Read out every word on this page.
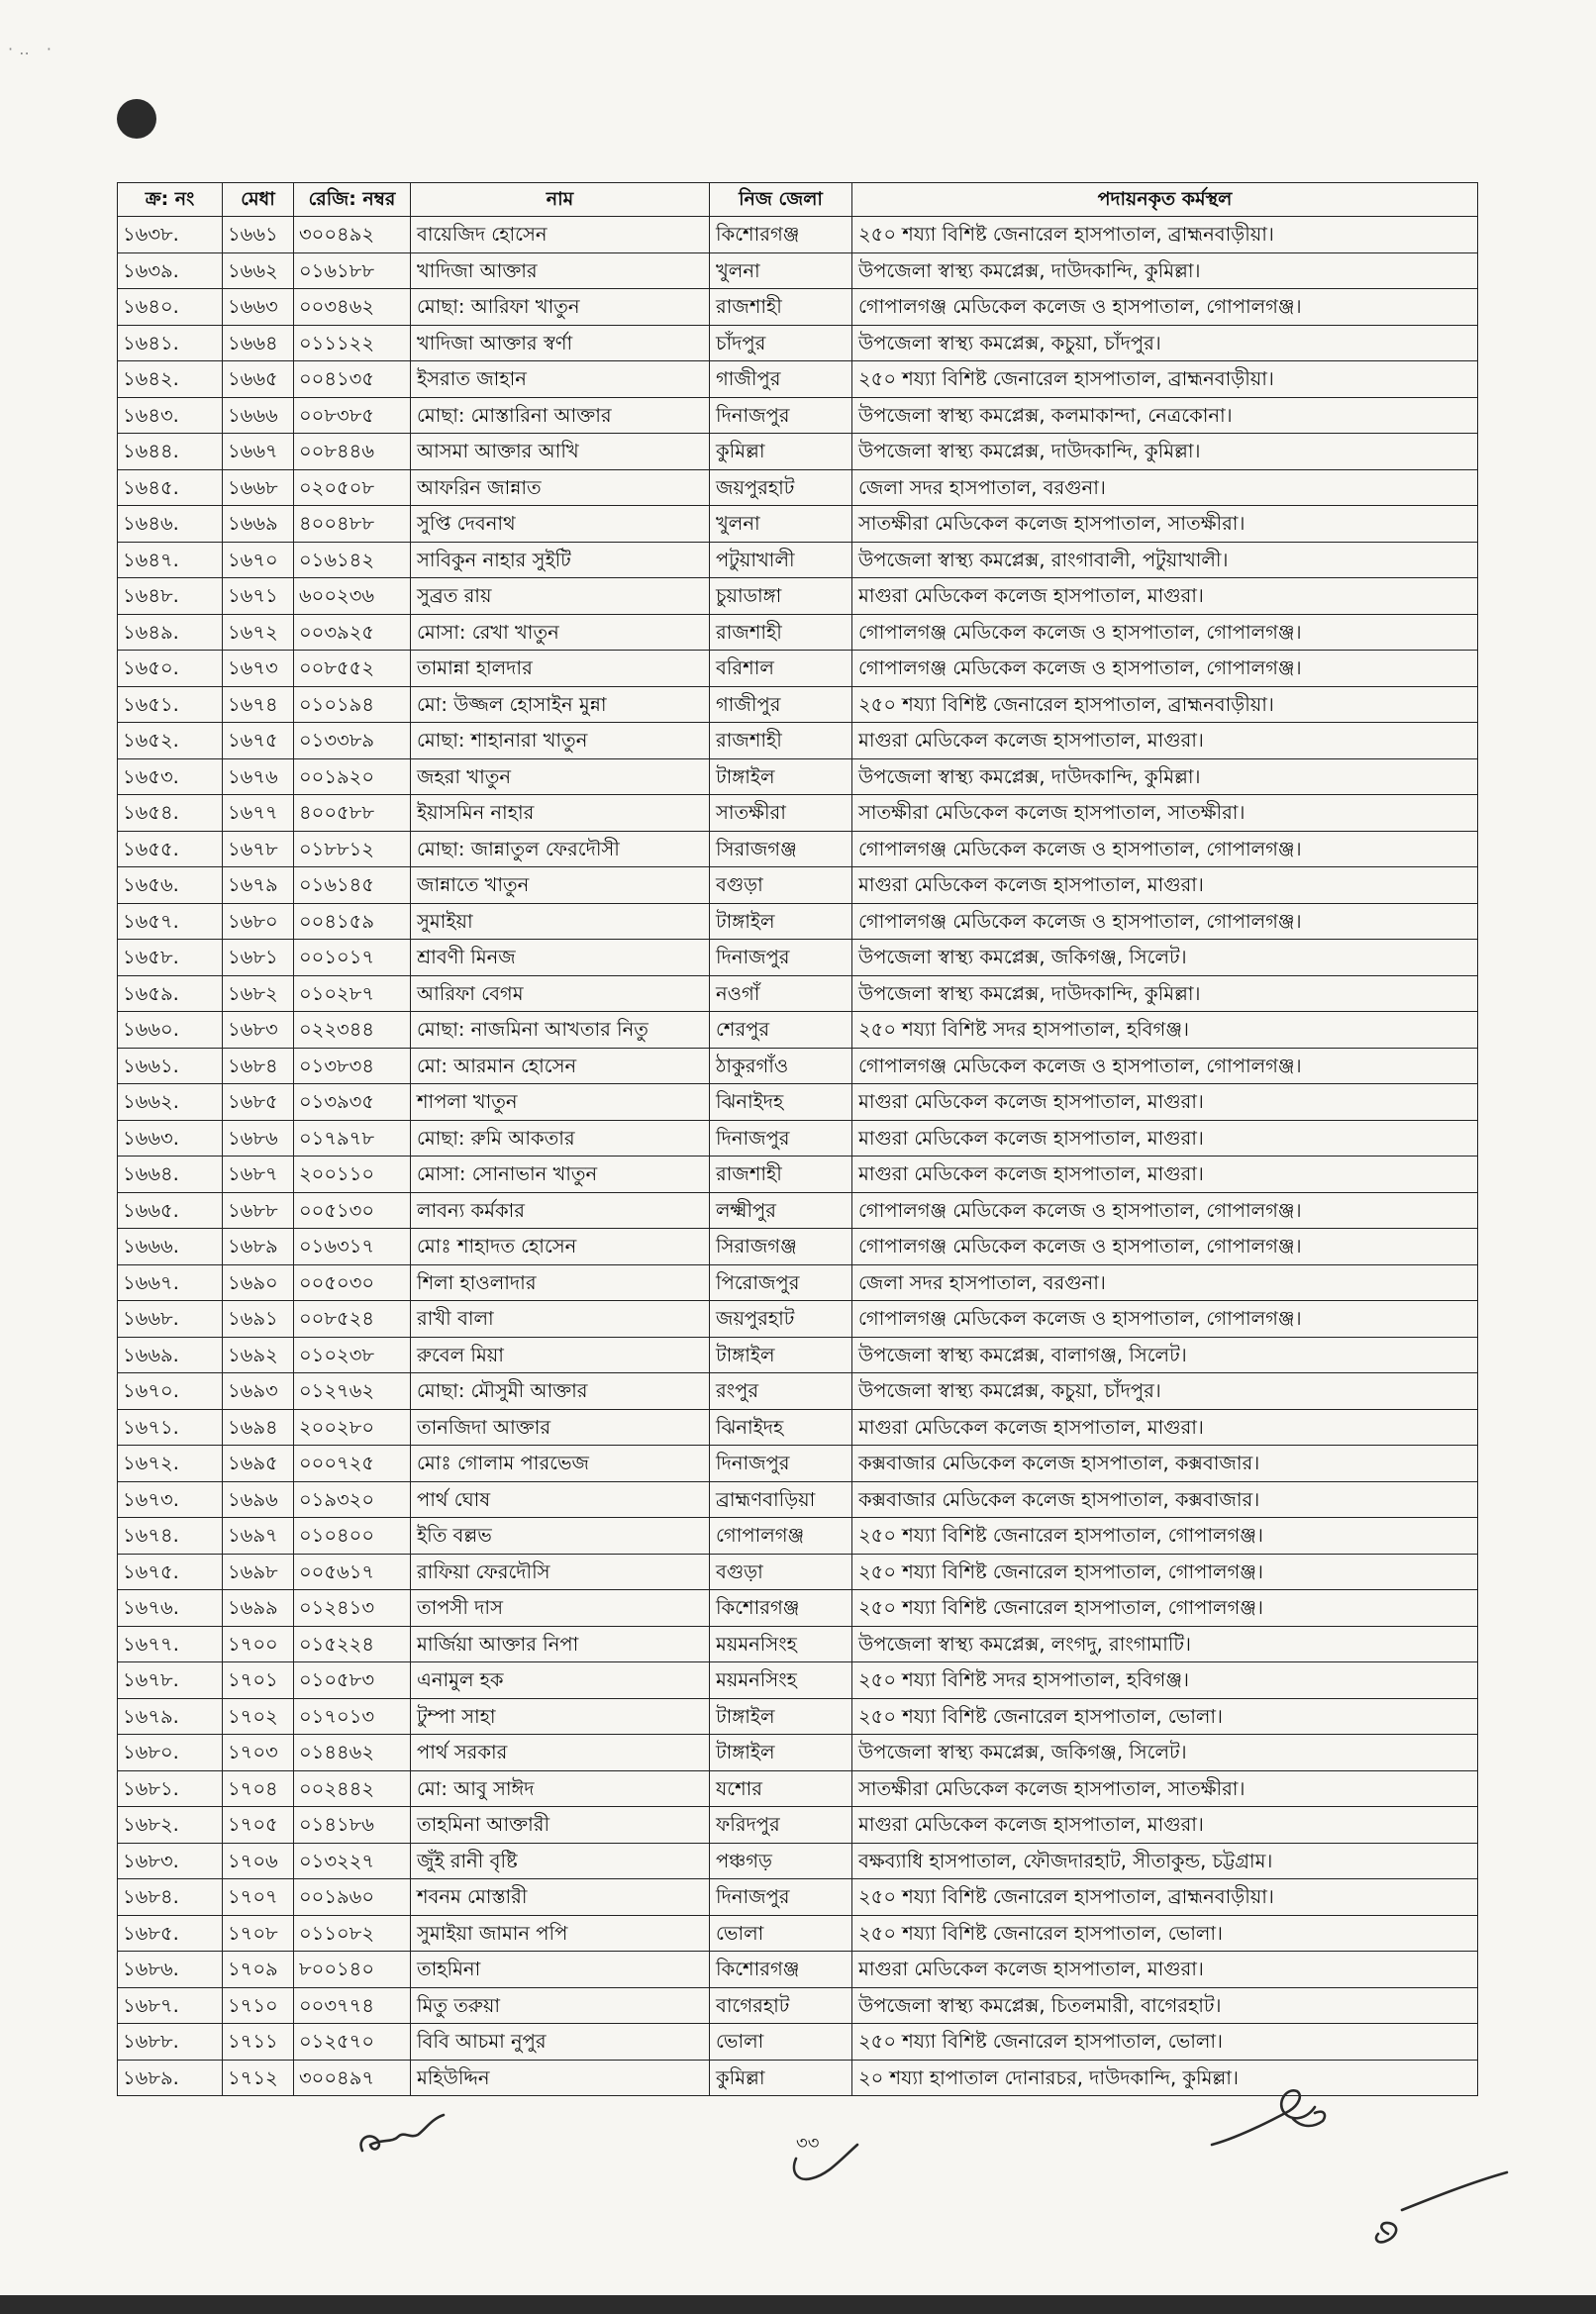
·‥ ·
ক্র: নং	মেধা	রেজি: নম্বর	নাম	নিজ জেলা	পদায়নকৃত কর্মস্থল
১৬৩৮.	১৬৬১	৩০০৪৯২	বায়েজিদ হোসেন	কিশোরগঞ্জ	২৫০ শয্যা বিশিষ্ট জেনারেল হাসপাতাল, ব্রাহ্মনবাড়ীয়া।
১৬৩৯.	১৬৬২	০১৬১৮৮	খাদিজা আক্তার	খুলনা	উপজেলা স্বাস্থ্য কমপ্লেক্স, দাউদকান্দি, কুমিল্লা।
১৬৪০.	১৬৬৩	০০৩৪৬২	মোছা: আরিফা খাতুন	রাজশাহী	গোপালগঞ্জ মেডিকেল কলেজ ও হাসপাতাল, গোপালগঞ্জ।
১৬৪১.	১৬৬৪	০১১১২২	খাদিজা আক্তার স্বর্ণা	চাঁদপুর	উপজেলা স্বাস্থ্য কমপ্লেক্স, কচুয়া, চাঁদপুর।
১৬৪২.	১৬৬৫	০০৪১৩৫	ইসরাত জাহান	গাজীপুর	২৫০ শয্যা বিশিষ্ট জেনারেল হাসপাতাল, ব্রাহ্মনবাড়ীয়া।
১৬৪৩.	১৬৬৬	০০৮৩৮৫	মোছা: মোস্তারিনা আক্তার	দিনাজপুর	উপজেলা স্বাস্থ্য কমপ্লেক্স, কলমাকান্দা, নেত্রকোনা।
১৬৪৪.	১৬৬৭	০০৮৪৪৬	আসমা আক্তার আখি	কুমিল্লা	উপজেলা স্বাস্থ্য কমপ্লেক্স, দাউদকান্দি, কুমিল্লা।
১৬৪৫.	১৬৬৮	০২০৫০৮	আফরিন জান্নাত	জয়পুরহাট	জেলা সদর হাসপাতাল, বরগুনা।
১৬৪৬.	১৬৬৯	৪০০৪৮৮	সুপ্তি দেবনাথ	খুলনা	সাতক্ষীরা মেডিকেল কলেজ হাসপাতাল, সাতক্ষীরা।
১৬৪৭.	১৬৭০	০১৬১৪২	সাবিকুন নাহার সুইটি	পটুয়াখালী	উপজেলা স্বাস্থ্য কমপ্লেক্স, রাংগাবালী, পটুয়াখালী।
১৬৪৮.	১৬৭১	৬০০২৩৬	সুব্রত রায়	চুয়াডাঙ্গা	মাগুরা মেডিকেল কলেজ হাসপাতাল, মাগুরা।
১৬৪৯.	১৬৭২	০০৩৯২৫	মোসা: রেখা খাতুন	রাজশাহী	গোপালগঞ্জ মেডিকেল কলেজ ও হাসপাতাল, গোপালগঞ্জ।
১৬৫০.	১৬৭৩	০০৮৫৫২	তামান্না হালদার	বরিশাল	গোপালগঞ্জ মেডিকেল কলেজ ও হাসপাতাল, গোপালগঞ্জ।
১৬৫১.	১৬৭৪	০১০১৯৪	মো: উজ্জল হোসাইন মুন্না	গাজীপুর	২৫০ শয্যা বিশিষ্ট জেনারেল হাসপাতাল, ব্রাহ্মনবাড়ীয়া।
১৬৫২.	১৬৭৫	০১৩৩৮৯	মোছা: শাহানারা খাতুন	রাজশাহী	মাগুরা মেডিকেল কলেজ হাসপাতাল, মাগুরা।
১৬৫৩.	১৬৭৬	০০১৯২০	জহরা খাতুন	টাঙ্গাইল	উপজেলা স্বাস্থ্য কমপ্লেক্স, দাউদকান্দি, কুমিল্লা।
১৬৫৪.	১৬৭৭	৪০০৫৮৮	ইয়াসমিন নাহার	সাতক্ষীরা	সাতক্ষীরা মেডিকেল কলেজ হাসপাতাল, সাতক্ষীরা।
১৬৫৫.	১৬৭৮	০১৮৮১২	মোছা: জান্নাতুল ফেরদৌসী	সিরাজগঞ্জ	গোপালগঞ্জ মেডিকেল কলেজ ও হাসপাতাল, গোপালগঞ্জ।
১৬৫৬.	১৬৭৯	০১৬১৪৫	জান্নাতে খাতুন	বগুড়া	মাগুরা মেডিকেল কলেজ হাসপাতাল, মাগুরা।
১৬৫৭.	১৬৮০	০০৪১৫৯	সুমাইয়া	টাঙ্গাইল	গোপালগঞ্জ মেডিকেল কলেজ ও হাসপাতাল, গোপালগঞ্জ।
১৬৫৮.	১৬৮১	০০১০১৭	শ্রাবণী মিনজ	দিনাজপুর	উপজেলা স্বাস্থ্য কমপ্লেক্স, জকিগঞ্জ, সিলেট।
১৬৫৯.	১৬৮২	০১০২৮৭	আরিফা বেগম	নওগাঁ	উপজেলা স্বাস্থ্য কমপ্লেক্স, দাউদকান্দি, কুমিল্লা।
১৬৬০.	১৬৮৩	০২২৩৪৪	মোছা: নাজমিনা আখতার নিতু	শেরপুর	২৫০ শয্যা বিশিষ্ট সদর হাসপাতাল, হবিগঞ্জ।
১৬৬১.	১৬৮৪	০১৩৮৩৪	মো: আরমান হোসেন	ঠাকুরগাঁও	গোপালগঞ্জ মেডিকেল কলেজ ও হাসপাতাল, গোপালগঞ্জ।
১৬৬২.	১৬৮৫	০১৩৯৩৫	শাপলা খাতুন	ঝিনাইদহ	মাগুরা মেডিকেল কলেজ হাসপাতাল, মাগুরা।
১৬৬৩.	১৬৮৬	০১৭৯৭৮	মোছা: রুমি আকতার	দিনাজপুর	মাগুরা মেডিকেল কলেজ হাসপাতাল, মাগুরা।
১৬৬৪.	১৬৮৭	২০০১১০	মোসা: সোনাভান খাতুন	রাজশাহী	মাগুরা মেডিকেল কলেজ হাসপাতাল, মাগুরা।
১৬৬৫.	১৬৮৮	০০৫১৩০	লাবন্য কর্মকার	লক্ষ্মীপুর	গোপালগঞ্জ মেডিকেল কলেজ ও হাসপাতাল, গোপালগঞ্জ।
১৬৬৬.	১৬৮৯	০১৬৩১৭	মোঃ শাহাদত হোসেন	সিরাজগঞ্জ	গোপালগঞ্জ মেডিকেল কলেজ ও হাসপাতাল, গোপালগঞ্জ।
১৬৬৭.	১৬৯০	০০৫০৩০	শিলা হাওলাদার	পিরোজপুর	জেলা সদর হাসপাতাল, বরগুনা।
১৬৬৮.	১৬৯১	০০৮৫২৪	রাখী বালা	জয়পুরহাট	গোপালগঞ্জ মেডিকেল কলেজ ও হাসপাতাল, গোপালগঞ্জ।
১৬৬৯.	১৬৯২	০১০২৩৮	রুবেল মিয়া	টাঙ্গাইল	উপজেলা স্বাস্থ্য কমপ্লেক্স, বালাগঞ্জ, সিলেট।
১৬৭০.	১৬৯৩	০১২৭৬২	মোছা: মৌসুমী আক্তার	রংপুর	উপজেলা স্বাস্থ্য কমপ্লেক্স, কচুয়া, চাঁদপুর।
১৬৭১.	১৬৯৪	২০০২৮০	তানজিদা আক্তার	ঝিনাইদহ	মাগুরা মেডিকেল কলেজ হাসপাতাল, মাগুরা।
১৬৭২.	১৬৯৫	০০০৭২৫	মোঃ গোলাম পারভেজ	দিনাজপুর	কক্সবাজার মেডিকেল কলেজ হাসপাতাল, কক্সবাজার।
১৬৭৩.	১৬৯৬	০১৯৩২০	পার্থ ঘোষ	ব্রাহ্মণবাড়িয়া	কক্সবাজার মেডিকেল কলেজ হাসপাতাল, কক্সবাজার।
১৬৭৪.	১৬৯৭	০১০৪০০	ইতি বল্লভ	গোপালগঞ্জ	২৫০ শয্যা বিশিষ্ট জেনারেল হাসপাতাল, গোপালগঞ্জ।
১৬৭৫.	১৬৯৮	০০৫৬১৭	রাফিয়া ফেরদৌসি	বগুড়া	২৫০ শয্যা বিশিষ্ট জেনারেল হাসপাতাল, গোপালগঞ্জ।
১৬৭৬.	১৬৯৯	০১২৪১৩	তাপসী দাস	কিশোরগঞ্জ	২৫০ শয্যা বিশিষ্ট জেনারেল হাসপাতাল, গোপালগঞ্জ।
১৬৭৭.	১৭০০	০১৫২২৪	মার্জিয়া আক্তার নিপা	ময়মনসিংহ	উপজেলা স্বাস্থ্য কমপ্লেক্স, লংগদু, রাংগামাটি।
১৬৭৮.	১৭০১	০১০৫৮৩	এনামুল হক	ময়মনসিংহ	২৫০ শয্যা বিশিষ্ট সদর হাসপাতাল, হবিগঞ্জ।
১৬৭৯.	১৭০২	০১৭০১৩	টুম্পা সাহা	টাঙ্গাইল	২৫০ শয্যা বিশিষ্ট জেনারেল হাসপাতাল, ভোলা।
১৬৮০.	১৭০৩	০১৪৪৬২	পার্থ সরকার	টাঙ্গাইল	উপজেলা স্বাস্থ্য কমপ্লেক্স, জকিগঞ্জ, সিলেট।
১৬৮১.	১৭০৪	০০২৪৪২	মো: আবু সাঈদ	যশোর	সাতক্ষীরা মেডিকেল কলেজ হাসপাতাল, সাতক্ষীরা।
১৬৮২.	১৭০৫	০১৪১৮৬	তাহমিনা আক্তারী	ফরিদপুর	মাগুরা মেডিকেল কলেজ হাসপাতাল, মাগুরা।
১৬৮৩.	১৭০৬	০১৩২২৭	জুঁই রানী বৃষ্টি	পঞ্চগড়	বক্ষব্যাধি হাসপাতাল, ফৌজদারহাট, সীতাকুন্ড, চট্টগ্রাম।
১৬৮৪.	১৭০৭	০০১৯৬০	শবনম মোস্তারী	দিনাজপুর	২৫০ শয্যা বিশিষ্ট জেনারেল হাসপাতাল, ব্রাহ্মনবাড়ীয়া।
১৬৮৫.	১৭০৮	০১১০৮২	সুমাইয়া জামান পপি	ভোলা	২৫০ শয্যা বিশিষ্ট জেনারেল হাসপাতাল, ভোলা।
১৬৮৬.	১৭০৯	৮০০১৪০	তাহমিনা	কিশোরগঞ্জ	মাগুরা মেডিকেল কলেজ হাসপাতাল, মাগুরা।
১৬৮৭.	১৭১০	০০৩৭৭৪	মিতু তরুয়া	বাগেরহাট	উপজেলা স্বাস্থ্য কমপ্লেক্স, চিতলমারী, বাগেরহাট।
১৬৮৮.	১৭১১	০১২৫৭০	বিবি আচমা নুপুর	ভোলা	২৫০ শয্যা বিশিষ্ট জেনারেল হাসপাতাল, ভোলা।
১৬৮৯.	১৭১২	৩০০৪৯৭	মহিউদ্দিন	কুমিল্লা	২০ শয্যা হাপাতাল দোনারচর, দাউদকান্দি, কুমিল্লা।
৩৩
